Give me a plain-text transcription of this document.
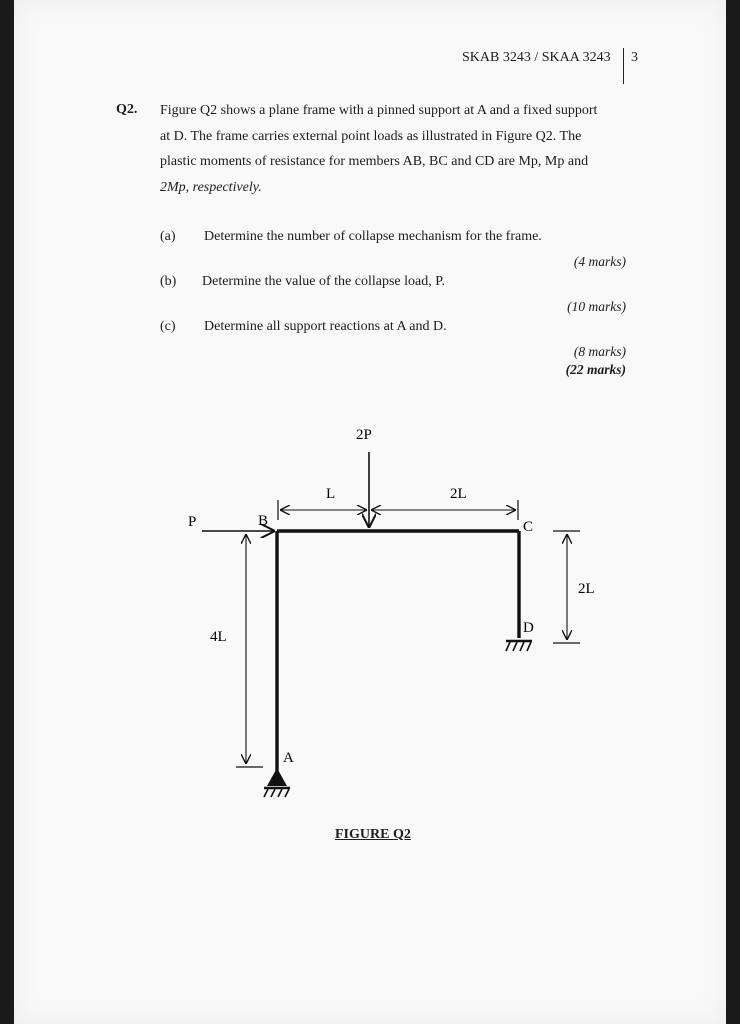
SKAB 3243 / SKAA 3243 3
Q2. Figure Q2 shows a plane frame with a pinned support at A and a fixed support
at D. The frame carries external point loads as illustrated in Figure Q2. The
plastic moments of resistance for members AB, BC and CD are Mp, Mp and
2Mp, respectively.
(a) Determine the number of collapse mechanism for the frame.
(4 marks)
(b) Determine the value of the collapse load, P.
(10 marks)
(c) Determine all support reactions at A and D.
(8 marks)
(22 marks)
2P
P
L	2L
2L
4L
B	C
D
A
FIGURE Q2
